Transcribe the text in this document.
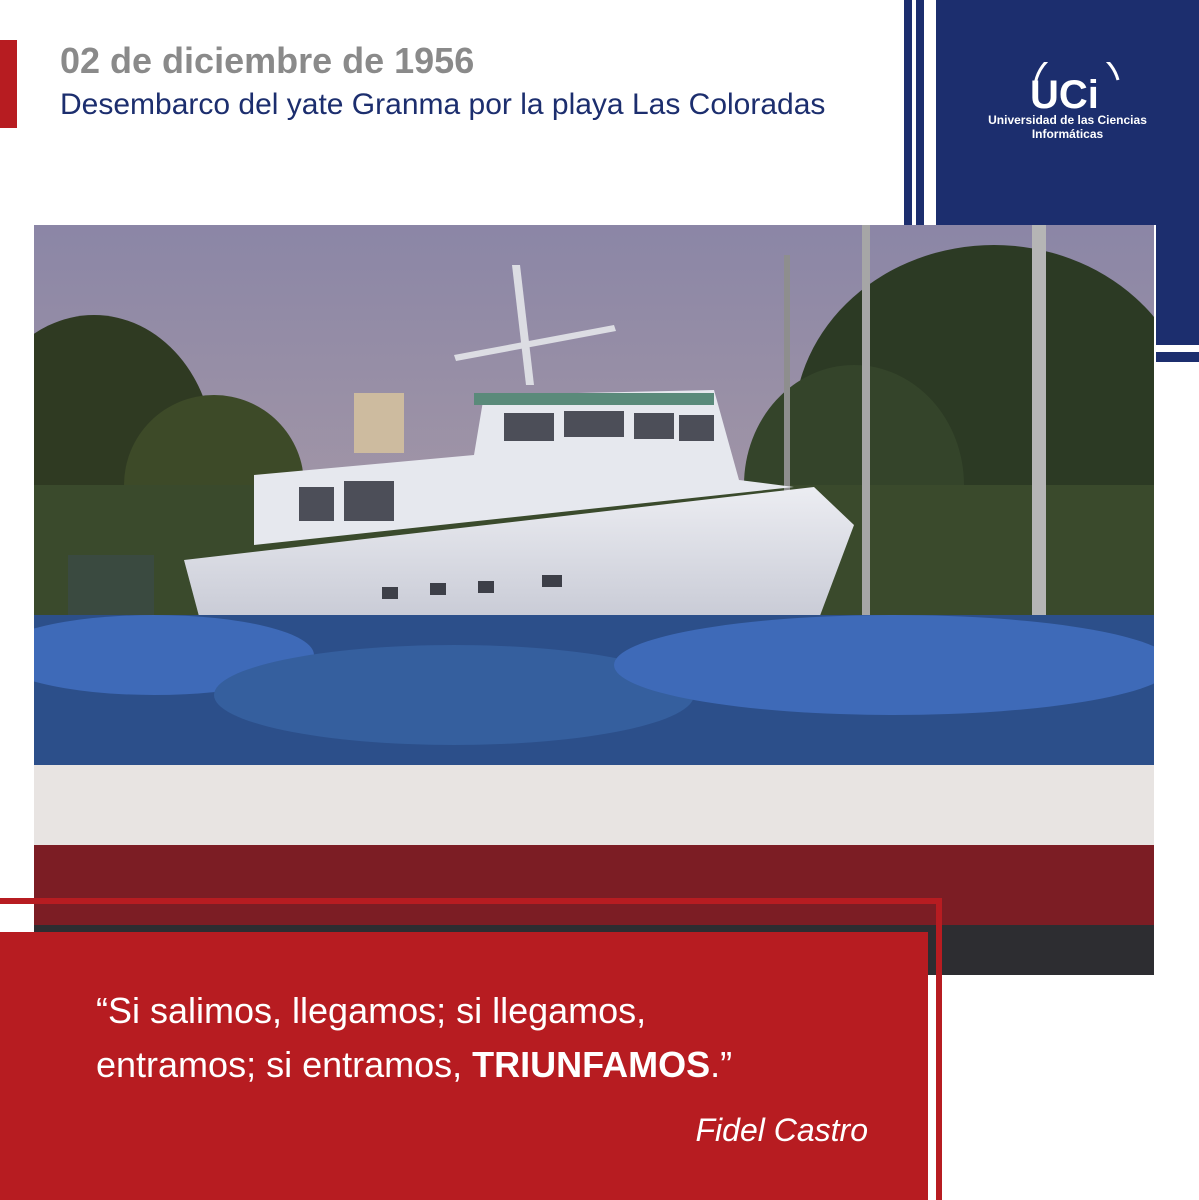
02 de diciembre de 1956
Desembarco del yate Granma por la playa Las Coloradas	UCi
Universidad de las Ciencias
Informáticas
“Si salimos, llegamos; si llegamos,
entramos; si entramos, TRIUNFAMOS.”
Fidel Castro
